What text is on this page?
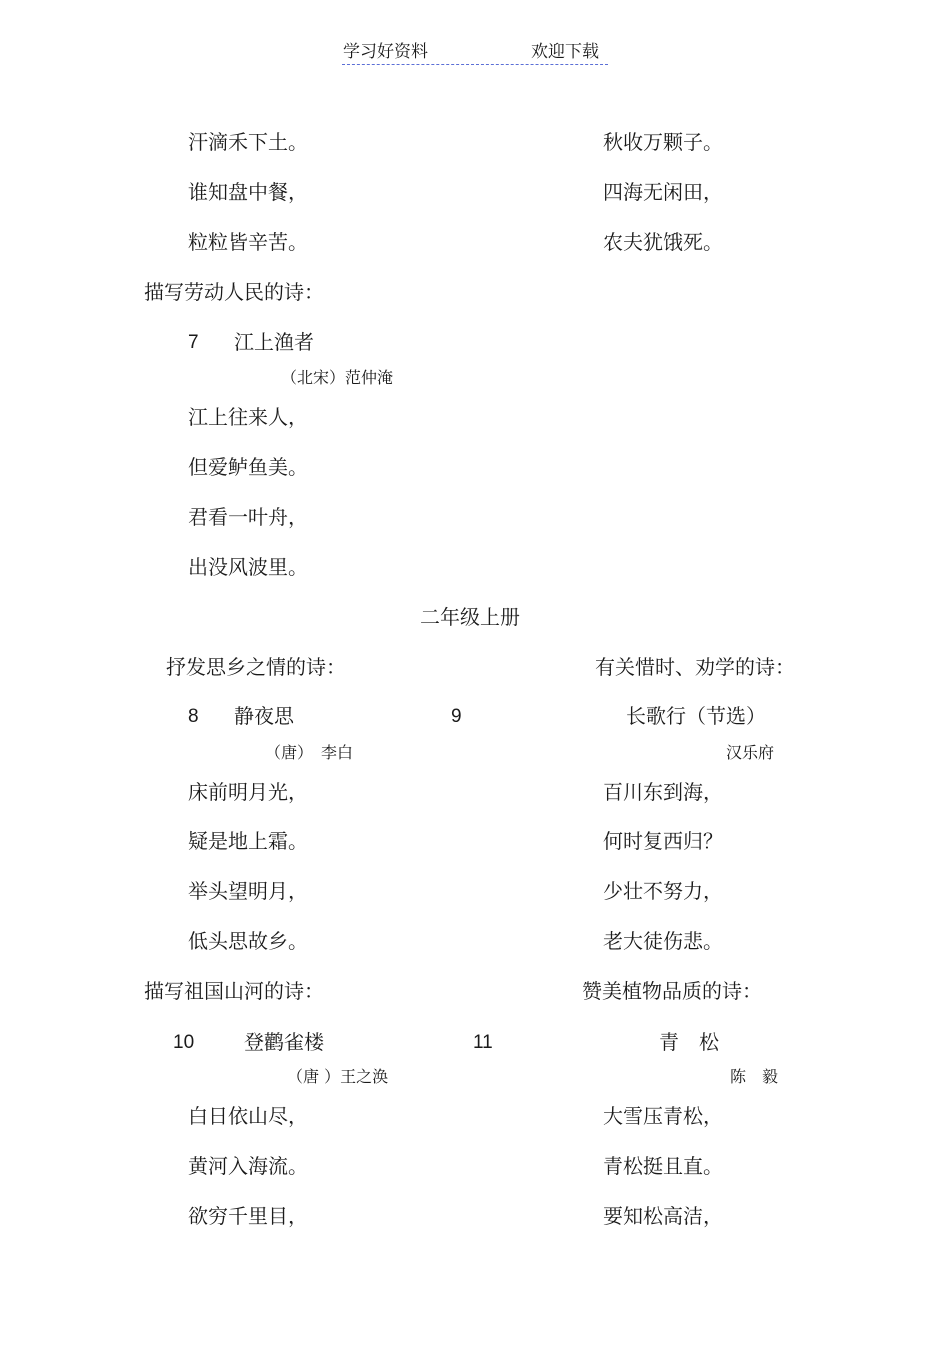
学习好资料	欢迎下载
汗滴禾下土。
谁知盘中餐，
粒粒皆辛苦。
秋收万颗子。
四海无闲田，
农夫犹饿死。
描写劳动人民的诗：
7 江上渔者
（北宋）范仲淹
江上往来人，
但爱鲈鱼美。
君看一叶舟，
出没风波里。
二年级上册
抒发思乡之情的诗：	有关惜时、劝学的诗：
8 静夜思
（唐）　李白
床前明月光，
疑是地上霜。
举头望明月，
低头思故乡。
9	长歌行（节选）
汉乐府
百川东到海，
何时复西归？
少壮不努力，
老大徒伤悲。
描写祖国山河的诗：	赞美植物品质的诗：
10 登鹳雀楼
（唐 ）王之涣
白日依山尽，
黄河入海流。
欲穷千里目，
11	青　松
陈　毅
大雪压青松，
青松挺且直。
要知松高洁，
